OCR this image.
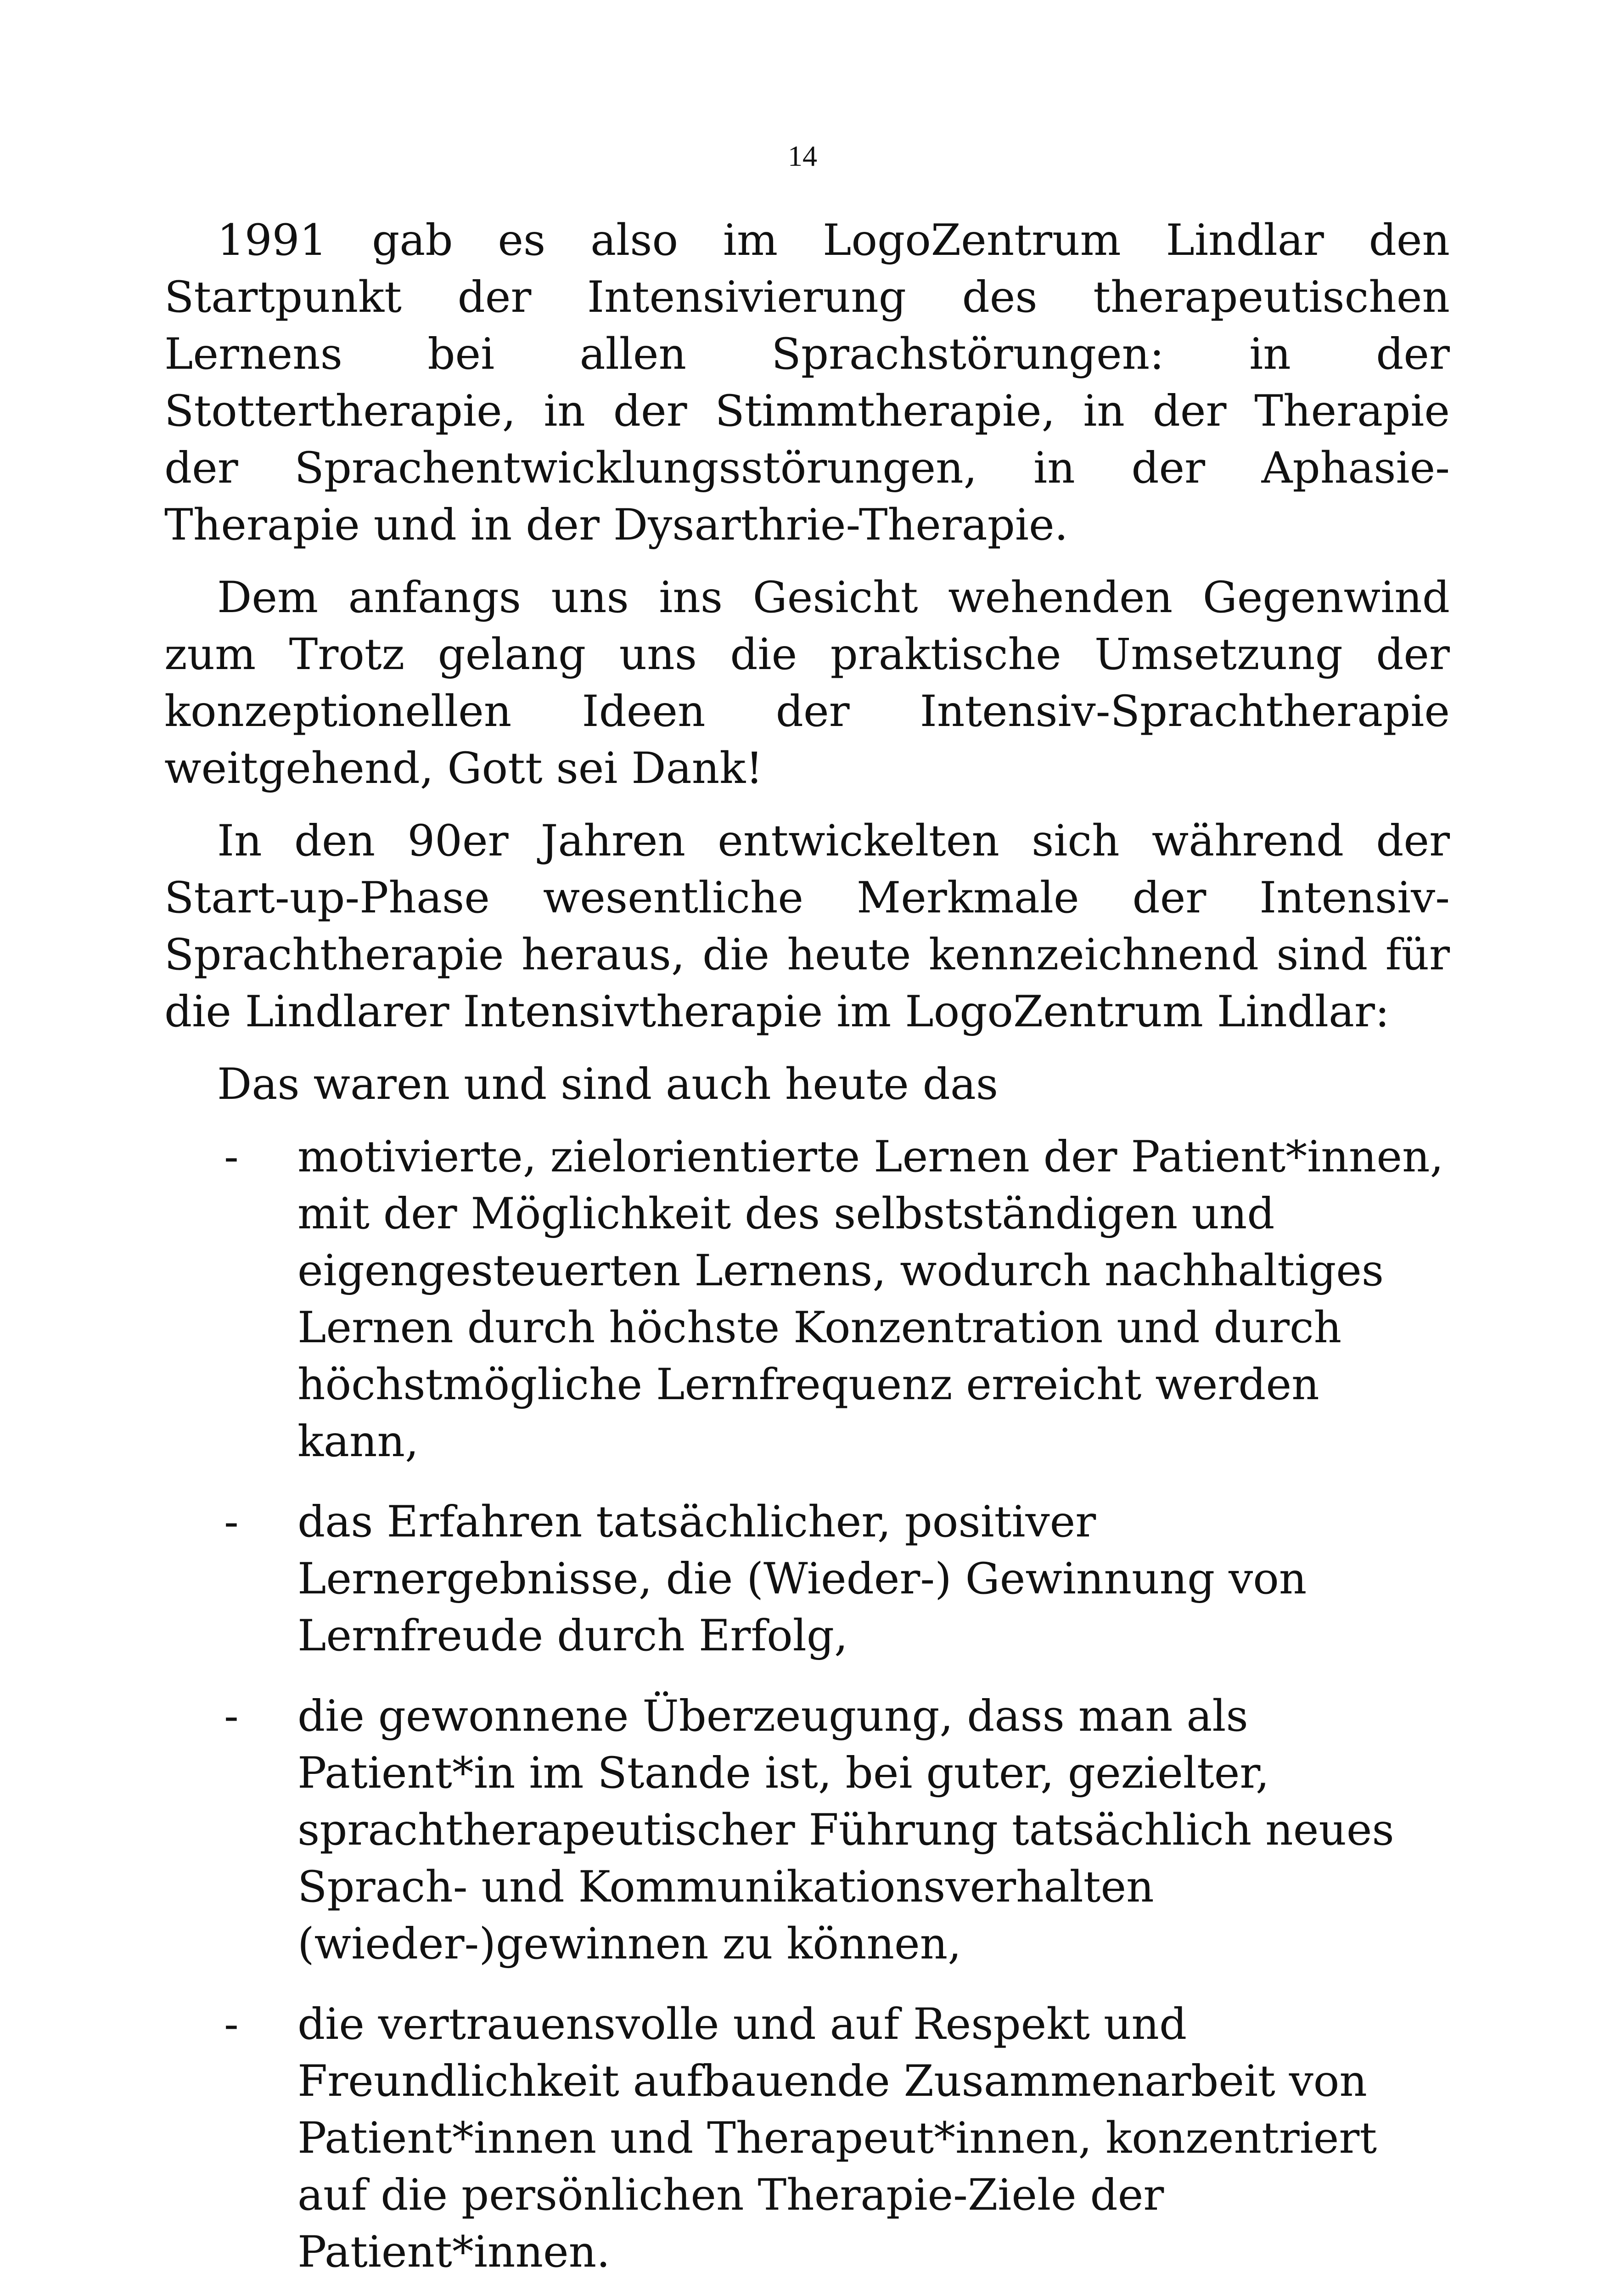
14

1991 gab es also im LogoZentrum Lindlar den Startpunkt der Intensivierung des therapeutischen Lernens bei allen Sprachstörungen: in der Stottertherapie, in der Stimmtherapie, in der Therapie der Sprachentwicklungsstörungen, in der Aphasie-Therapie und in der Dysarthrie-Therapie.

Dem anfangs uns ins Gesicht wehenden Gegenwind zum Trotz gelang uns die praktische Umsetzung der konzeptionellen Ideen der Intensiv-Sprachtherapie weitgehend, Gott sei Dank!

In den 90er Jahren entwickelten sich während der Start-up-Phase wesentliche Merkmale der Intensiv-Sprachtherapie heraus, die heute kennzeichnend sind für die Lindlarer Intensivtherapie im LogoZentrum Lindlar:

Das waren und sind auch heute das

- motivierte, zielorientierte Lernen der Patient*innen, mit der Möglichkeit des selbstständigen und eigengesteuerten Lernens, wodurch nachhaltiges Lernen durch höchste Konzentration und durch höchstmögliche Lernfrequenz erreicht werden kann,
- das Erfahren tatsächlicher, positiver Lernergebnisse, die (Wieder-) Gewinnung von Lernfreude durch Erfolg,
- die gewonnene Überzeugung, dass man als Patient*in im Stande ist, bei guter, gezielter, sprachtherapeutischer Führung tatsächlich neues Sprach- und Kommunikationsverhalten (wieder-)gewinnen zu können,
- die vertrauensvolle und auf Respekt und Freundlichkeit aufbauende Zusammenarbeit von Patient*innen und Therapeut*innen, konzentriert auf die persönlichen Therapie-Ziele der Patient*innen.
